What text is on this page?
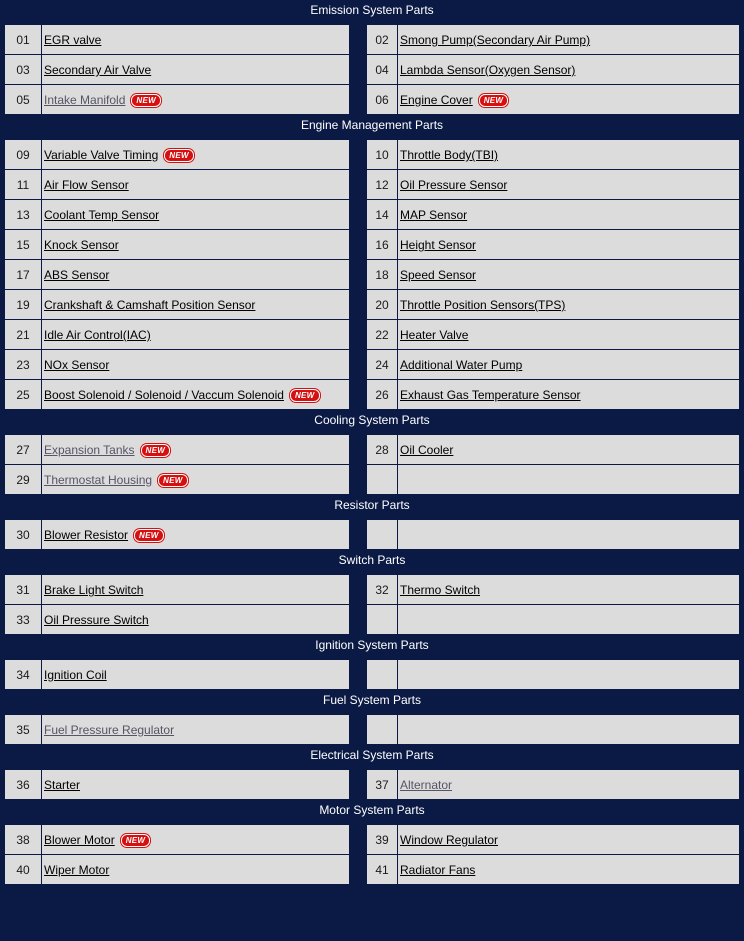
Emission System Parts
01	EGR valve	02 Smong Pump(Secondary Air Pump)
03	Secondary Air Valve	04 Lambda Sensor(Oxygen Sensor)
05	Intake Manifold	NEW	06 Engine Cover	NEW
Engine Management Parts
09	Variable Valve Timing	NEW	10 Throttle Body(TBI)
11	Air Flow Sensor	12 Oil Pressure Sensor
13	Coolant Temp Sensor	14 MAP Sensor
15	Knock Sensor	16 Height Sensor
17	ABS Sensor	18 Speed Sensor
19	Crankshaft & Camshaft Position Sensor	20 Throttle Position Sensors(TPS)
21	Idle Air Control(IAC)	22 Heater Valve
23	NOx Sensor	24 Additional Water Pump
25	Boost Solenoid / Solenoid / Vaccum Solenoid	NEW	26 Exhaust Gas Temperature Sensor
Cooling System Parts
27	Expansion Tanks	NEW	28 Oil Cooler
29	Thermostat Housing	NEW
Resistor Parts
30	Blower Resistor	NEW
Switch Parts
31	Brake Light Switch	32 Thermo Switch
33	Oil Pressure Switch
Ignition System Parts
34	Ignition Coil
Fuel System Parts
35	Fuel Pressure Regulator
Electrical System Parts
36	Starter	37 Alternator
Motor System Parts
38	Blower Motor	NEW	39 Window Regulator
40	Wiper Motor	41 Radiator Fans
